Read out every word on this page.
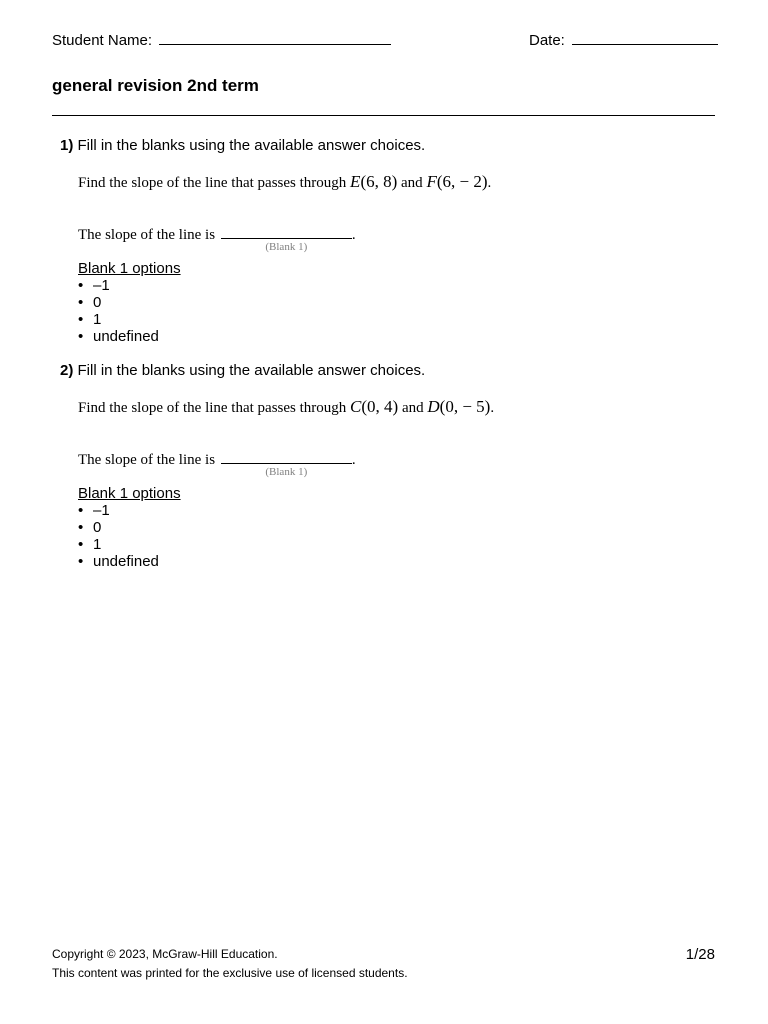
Student Name:	Date:
general revision 2nd term
1) Fill in the blanks using the available answer choices.
Find the slope of the line that passes through E(6, 8) and F(6, − 2).
The slope of the line is
(Blank 1)
.
Blank 1 options
• –1
• 0
• 1
• undefined
2) Fill in the blanks using the available answer choices.
Find the slope of the line that passes through C(0, 4) and D(0, − 5).
The slope of the line is
(Blank 1)
.
Blank 1 options
• –1
• 0
• 1
• undefined
Copyright © 2023, McGraw-Hill Education.
This content was printed for the exclusive use of licensed students.
1/28
